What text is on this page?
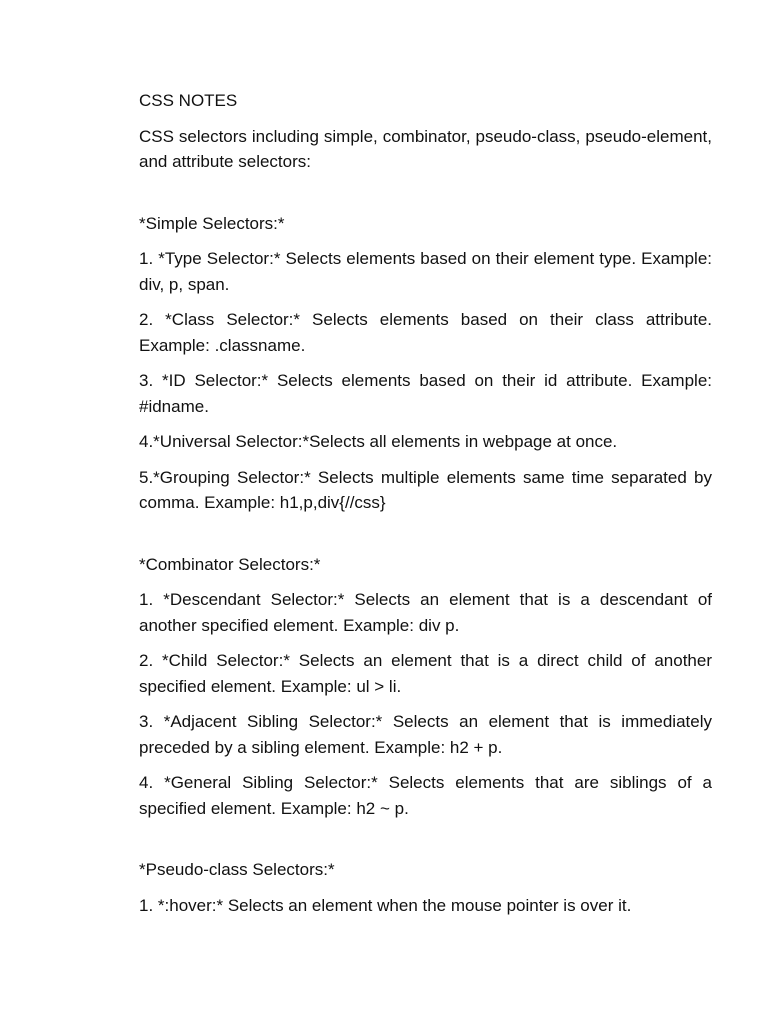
CSS NOTES
CSS selectors including simple, combinator, pseudo-class, pseudo-element, and attribute selectors:
*Simple Selectors:*
1. *Type Selector:* Selects elements based on their element type. Example: div, p, span.
2. *Class Selector:* Selects elements based on their class attribute. Example: .classname.
3. *ID Selector:* Selects elements based on their id attribute. Example: #idname.
4.*Universal Selector:*Selects all elements in webpage at once.
5.*Grouping Selector:* Selects multiple elements same time separated by comma. Example: h1,p,div{//css}
*Combinator Selectors:*
1. *Descendant Selector:* Selects an element that is a descendant of another specified element. Example: div p.
2. *Child Selector:* Selects an element that is a direct child of another specified element. Example: ul > li.
3. *Adjacent Sibling Selector:* Selects an element that is immediately preceded by a sibling element. Example: h2 + p.
4. *General Sibling Selector:* Selects elements that are siblings of a specified element. Example: h2 ~ p.
*Pseudo-class Selectors:*
1. *:hover:* Selects an element when the mouse pointer is over it.
